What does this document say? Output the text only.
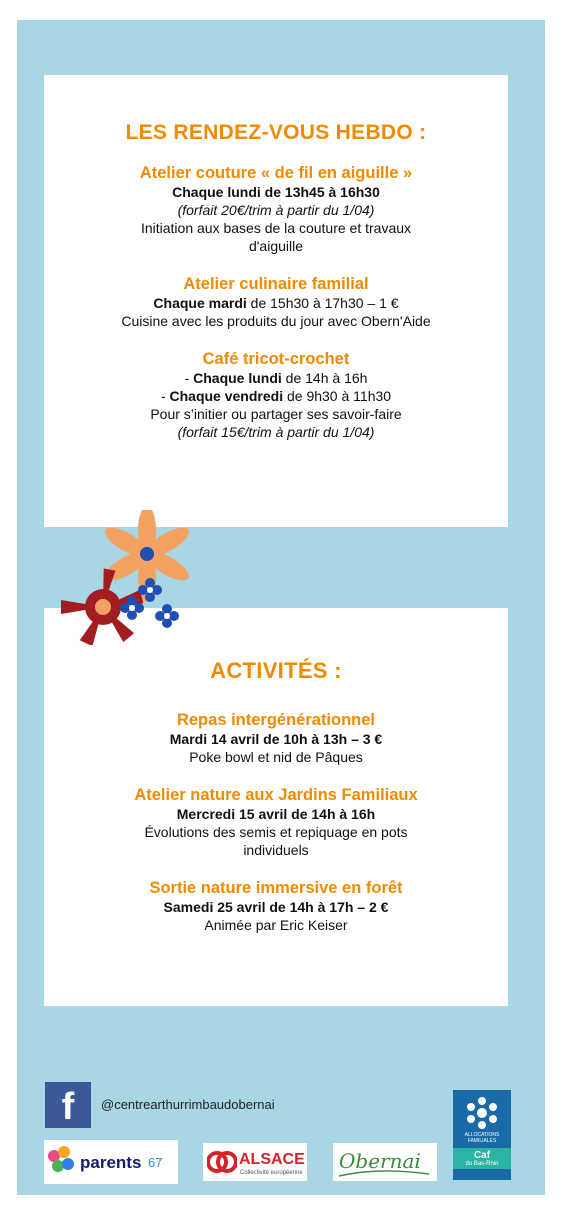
LES RENDEZ-VOUS HEBDO :
Atelier couture « de fil en aiguille »
Chaque lundi de 13h45 à 16h30
(forfait 20€/trim à partir du 1/04)
Initiation aux bases de la couture et travaux
d'aiguille
Atelier culinaire familial
Chaque mardi de 15h30 à 17h30 – 1 €
Cuisine avec les produits du jour avec Obern'Aide
Café tricot-crochet
- Chaque lundi de 14h à 16h
- Chaque vendredi de 9h30 à 11h30
Pour s’initier ou partager ses savoir-faire
(forfait 15€/trim à partir du 1/04)
ACTIVITÉS :
Repas intergénérationnel
Mardi 14 avril de 10h à 13h – 3 €
Poke bowl et nid de Pâques
Atelier nature aux Jardins Familiaux
Mercredi 15 avril de 14h à 16h
Évolutions des semis et repiquage en pots
individuels
Sortie nature immersive en forêt
Samedi 25 avril de 14h à 17h – 2 €
Animée par Eric Keiser
f	@centrearthurrimbaudobernai
parents 67	ALSACE
Collectivité européenne Obernai
ALLOCATIONS FAMILIALES
Caf
du Bas-Rhin
